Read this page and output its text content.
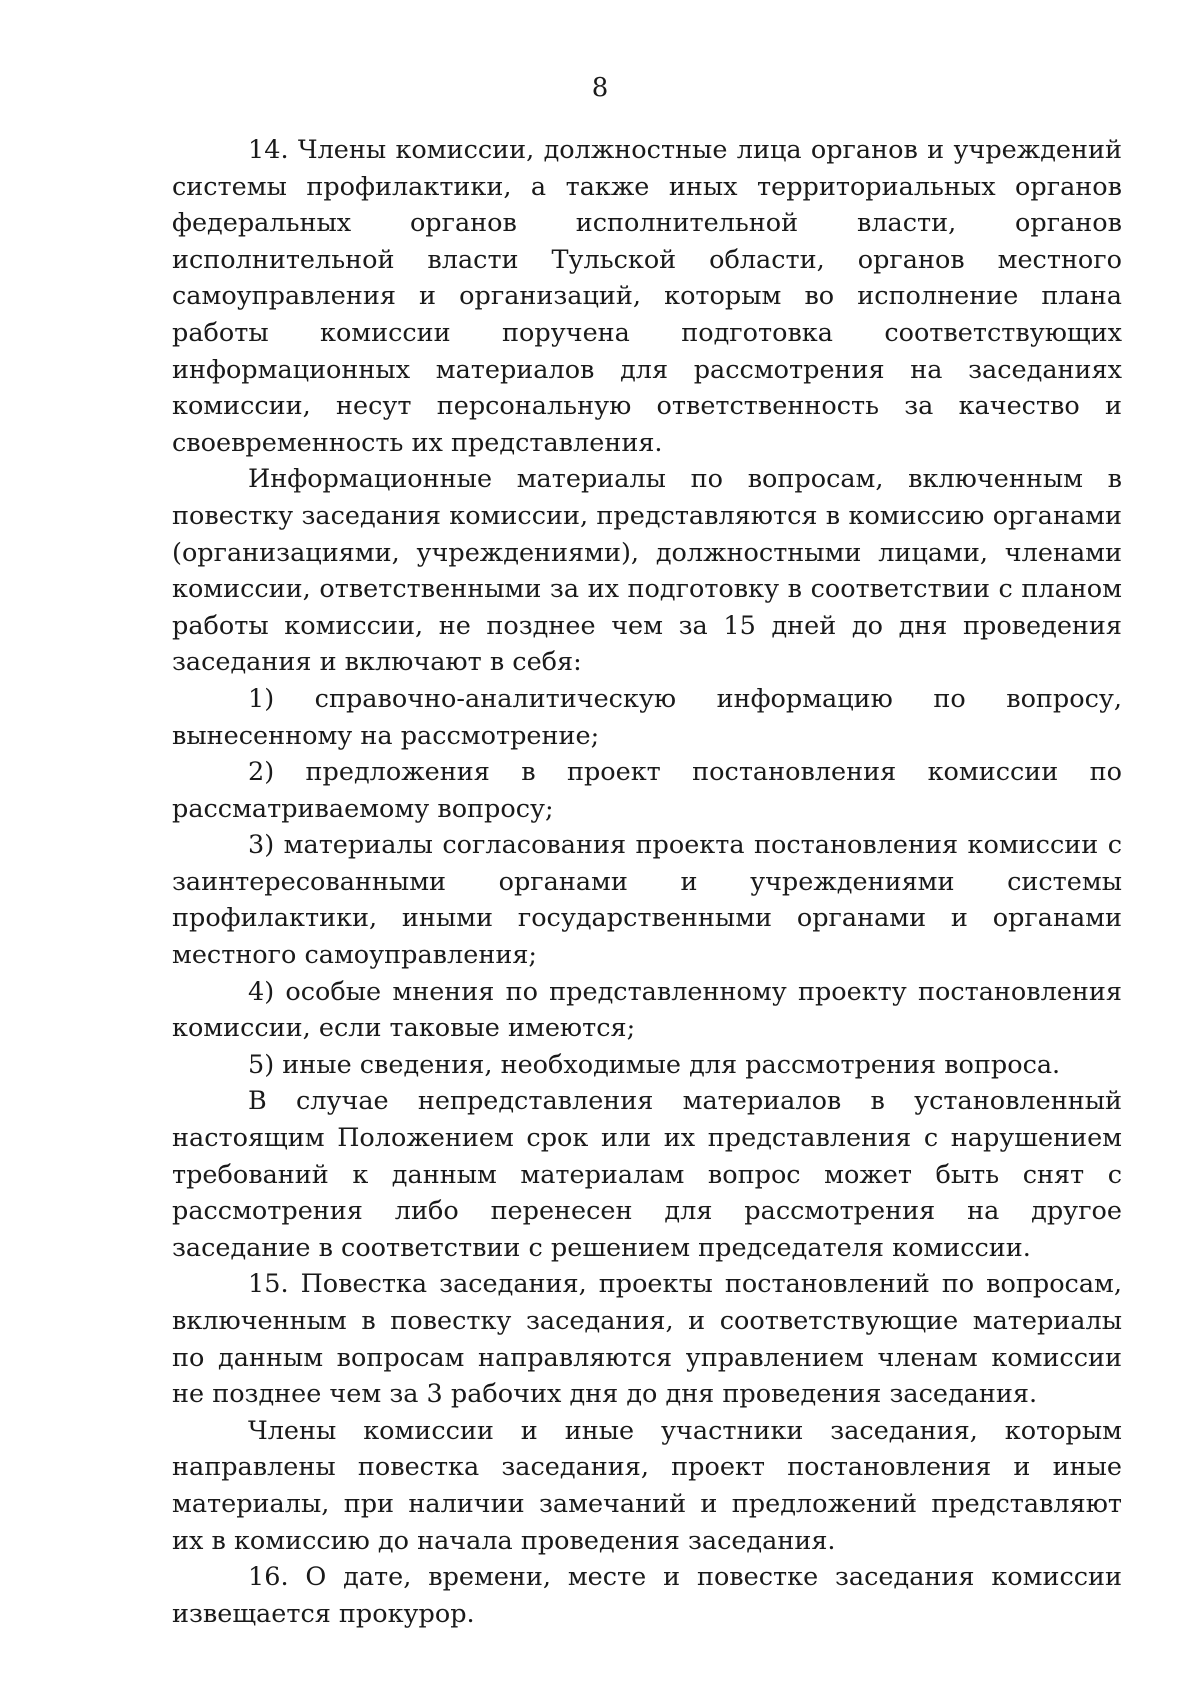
8

14. Члены комиссии, должностные лица органов и учреждений системы профилактики, а также иных территориальных органов федеральных органов исполнительной власти, органов исполнительной власти Тульской области, органов местного самоуправления и организаций, которым во исполнение плана работы комиссии поручена подготовка соответствующих информационных материалов для рассмотрения на заседаниях комиссии, несут персональную ответственность за качество и своевременность их представления.

Информационные материалы по вопросам, включенным в повестку заседания комиссии, представляются в комиссию органами (организациями, учреждениями), должностными лицами, членами комиссии, ответственными за их подготовку в соответствии с планом работы комиссии, не позднее чем за 15 дней до дня проведения заседания и включают в себя:

1) справочно-аналитическую информацию по вопросу, вынесенному на рассмотрение;

2) предложения в проект постановления комиссии по рассматриваемому вопросу;

3) материалы согласования проекта постановления комиссии с заинтересованными органами и учреждениями системы профилактики, иными государственными органами и органами местного самоуправления;

4) особые мнения по представленному проекту постановления комиссии, если таковые имеются;

5) иные сведения, необходимые для рассмотрения вопроса.

В случае непредставления материалов в установленный настоящим Положением срок или их представления с нарушением требований к данным материалам вопрос может быть снят с рассмотрения либо перенесен для рассмотрения на другое заседание в соответствии с решением председателя комиссии.

15. Повестка заседания, проекты постановлений по вопросам, включенным в повестку заседания, и соответствующие материалы по данным вопросам направляются управлением членам комиссии не позднее чем за 3 рабочих дня до дня проведения заседания.

Члены комиссии и иные участники заседания, которым направлены повестка заседания, проект постановления и иные материалы, при наличии замечаний и предложений представляют их в комиссию до начала проведения заседания.

16. О дате, времени, месте и повестке заседания комиссии извещается прокурор.
